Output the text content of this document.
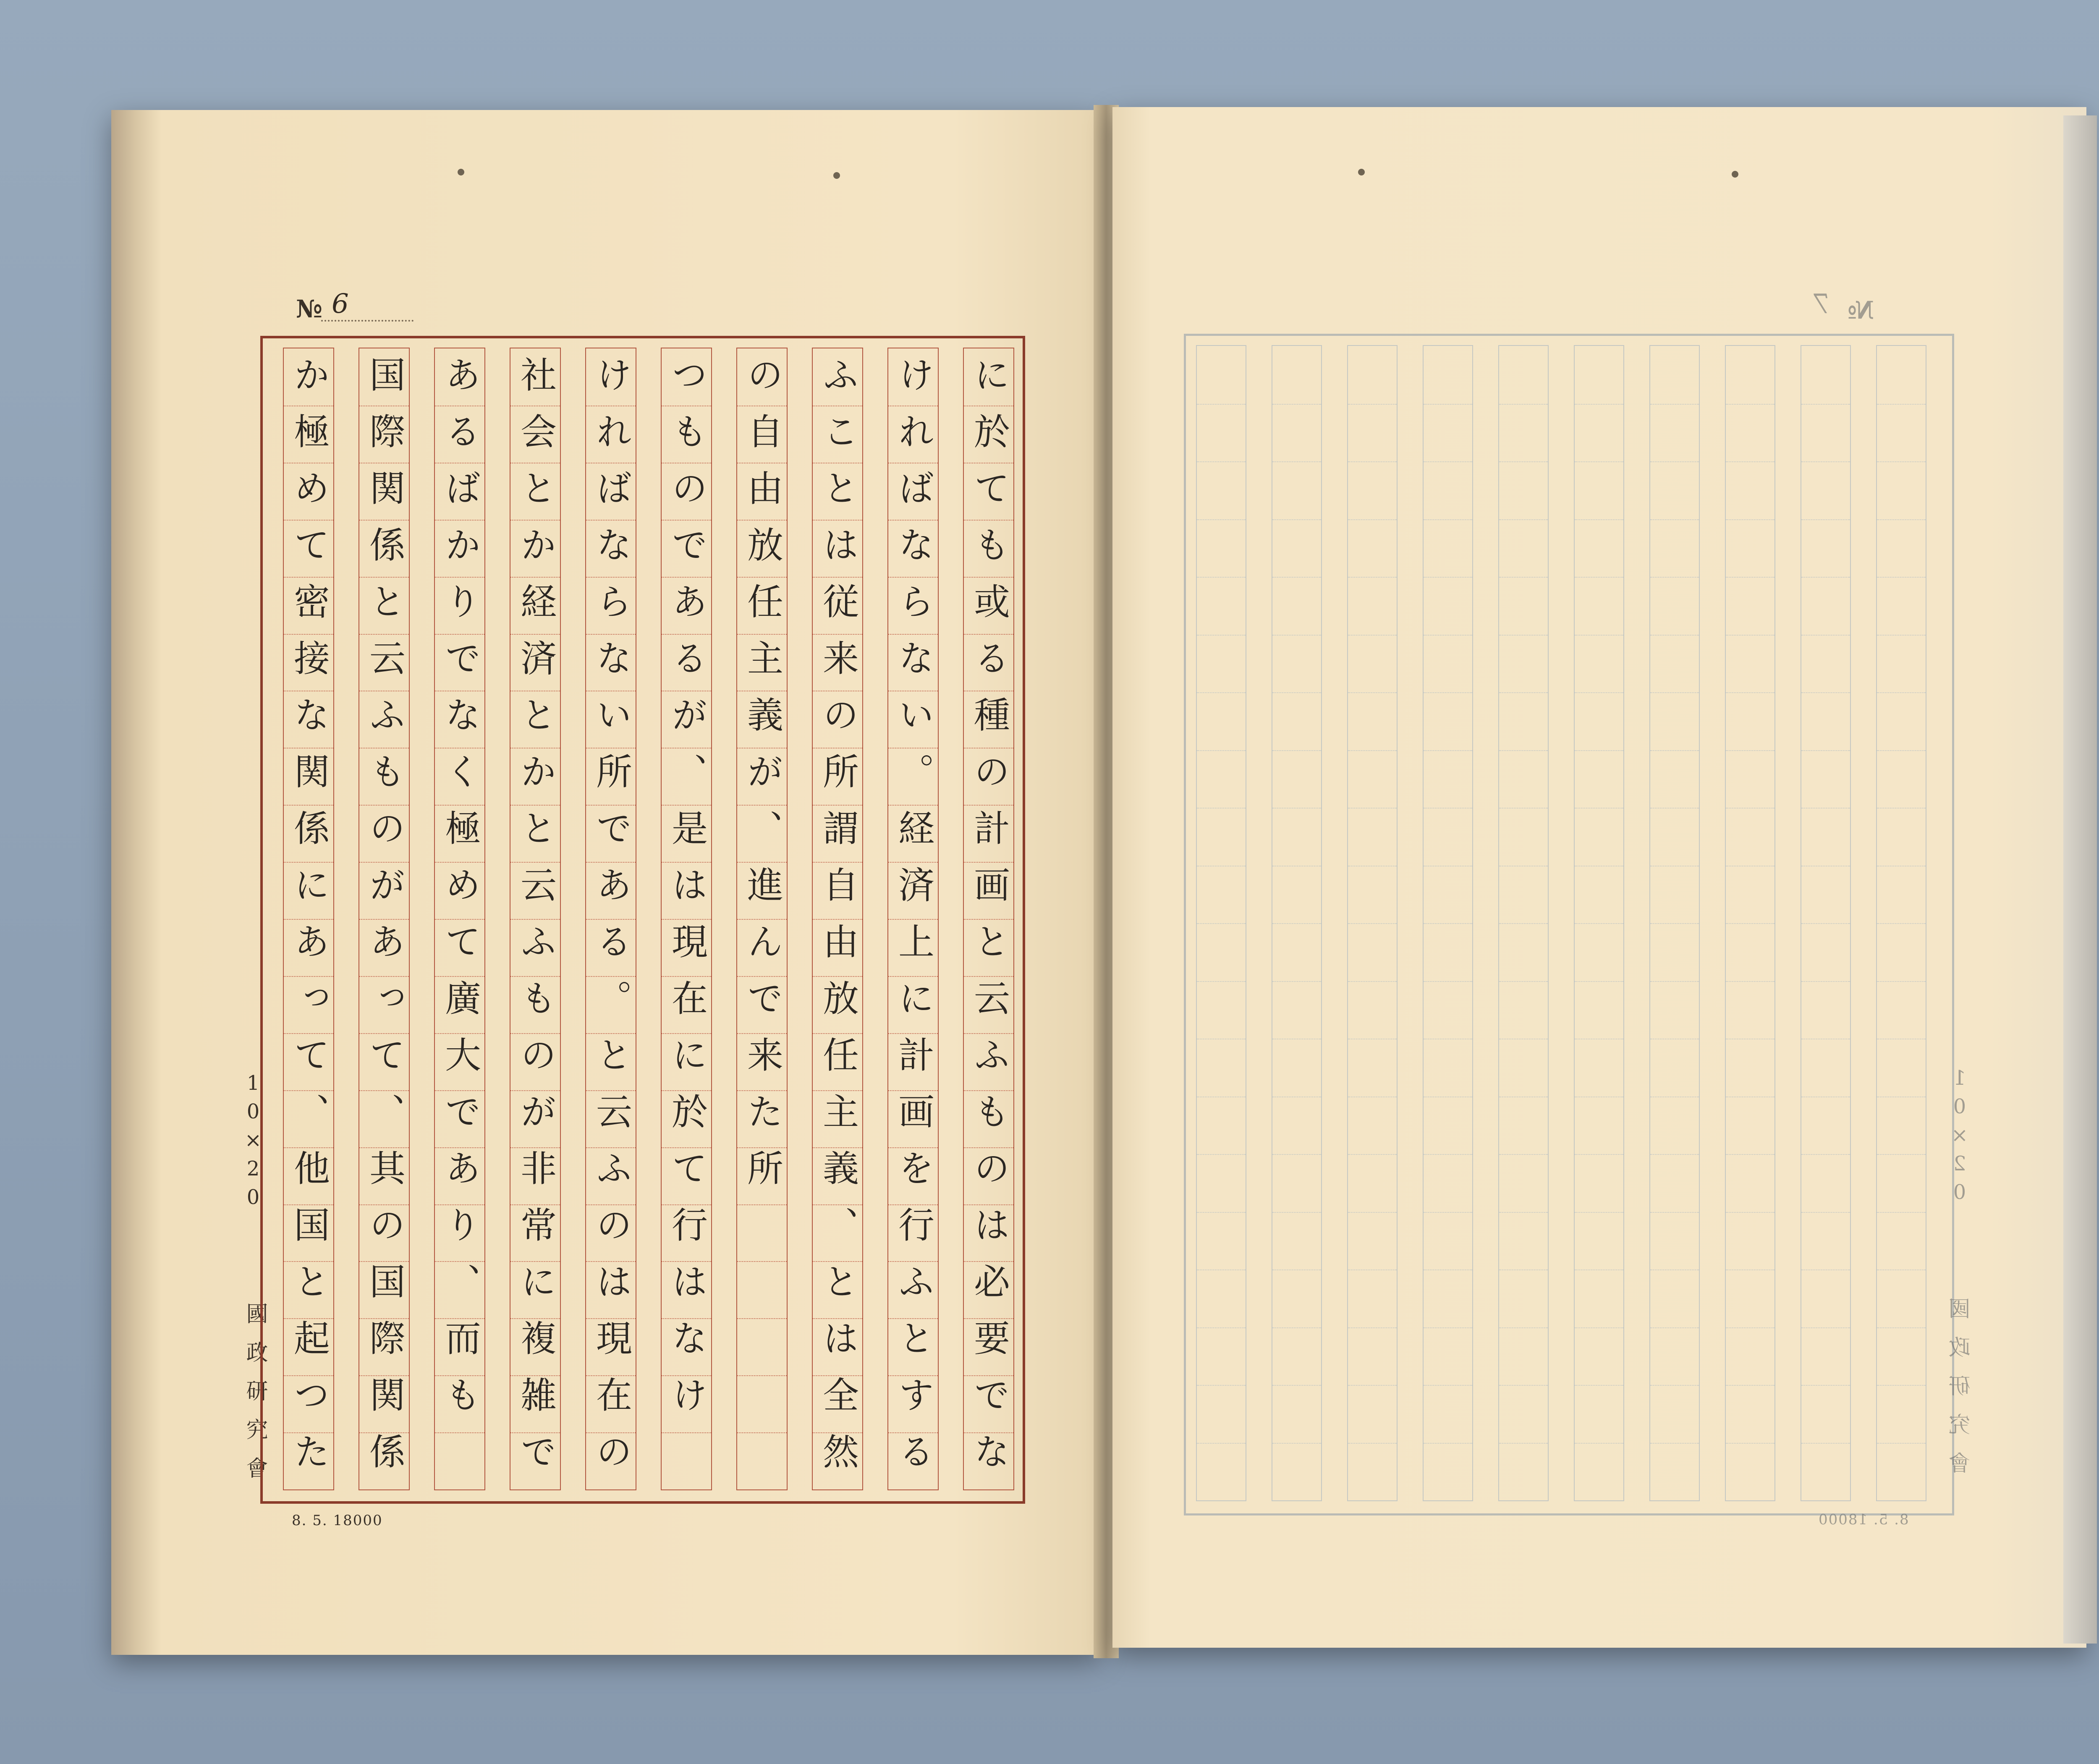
№ 6
10×20
國政研究會
8. 5. 18000
に於ても或る種の計画と云ふものは必要でな
ければならない。経済上に計画を行ふとする
ふことは従来の所謂自由放任主義、とは全然
の自由放任主義が、進んで来た所
つものであるが、是は現在に於て行はなけ
ければならない所である。と云ふのは現在の
社会とか経済とかと云ふものが非常に複雑で
あるばかりでなく極めて廣大であり、而も
国際関係と云ふものがあって、其の国際関係
か極めて密接な関係にあって、他国と起つた
№
7
10×20
國政研究會
8. 5. 18000
